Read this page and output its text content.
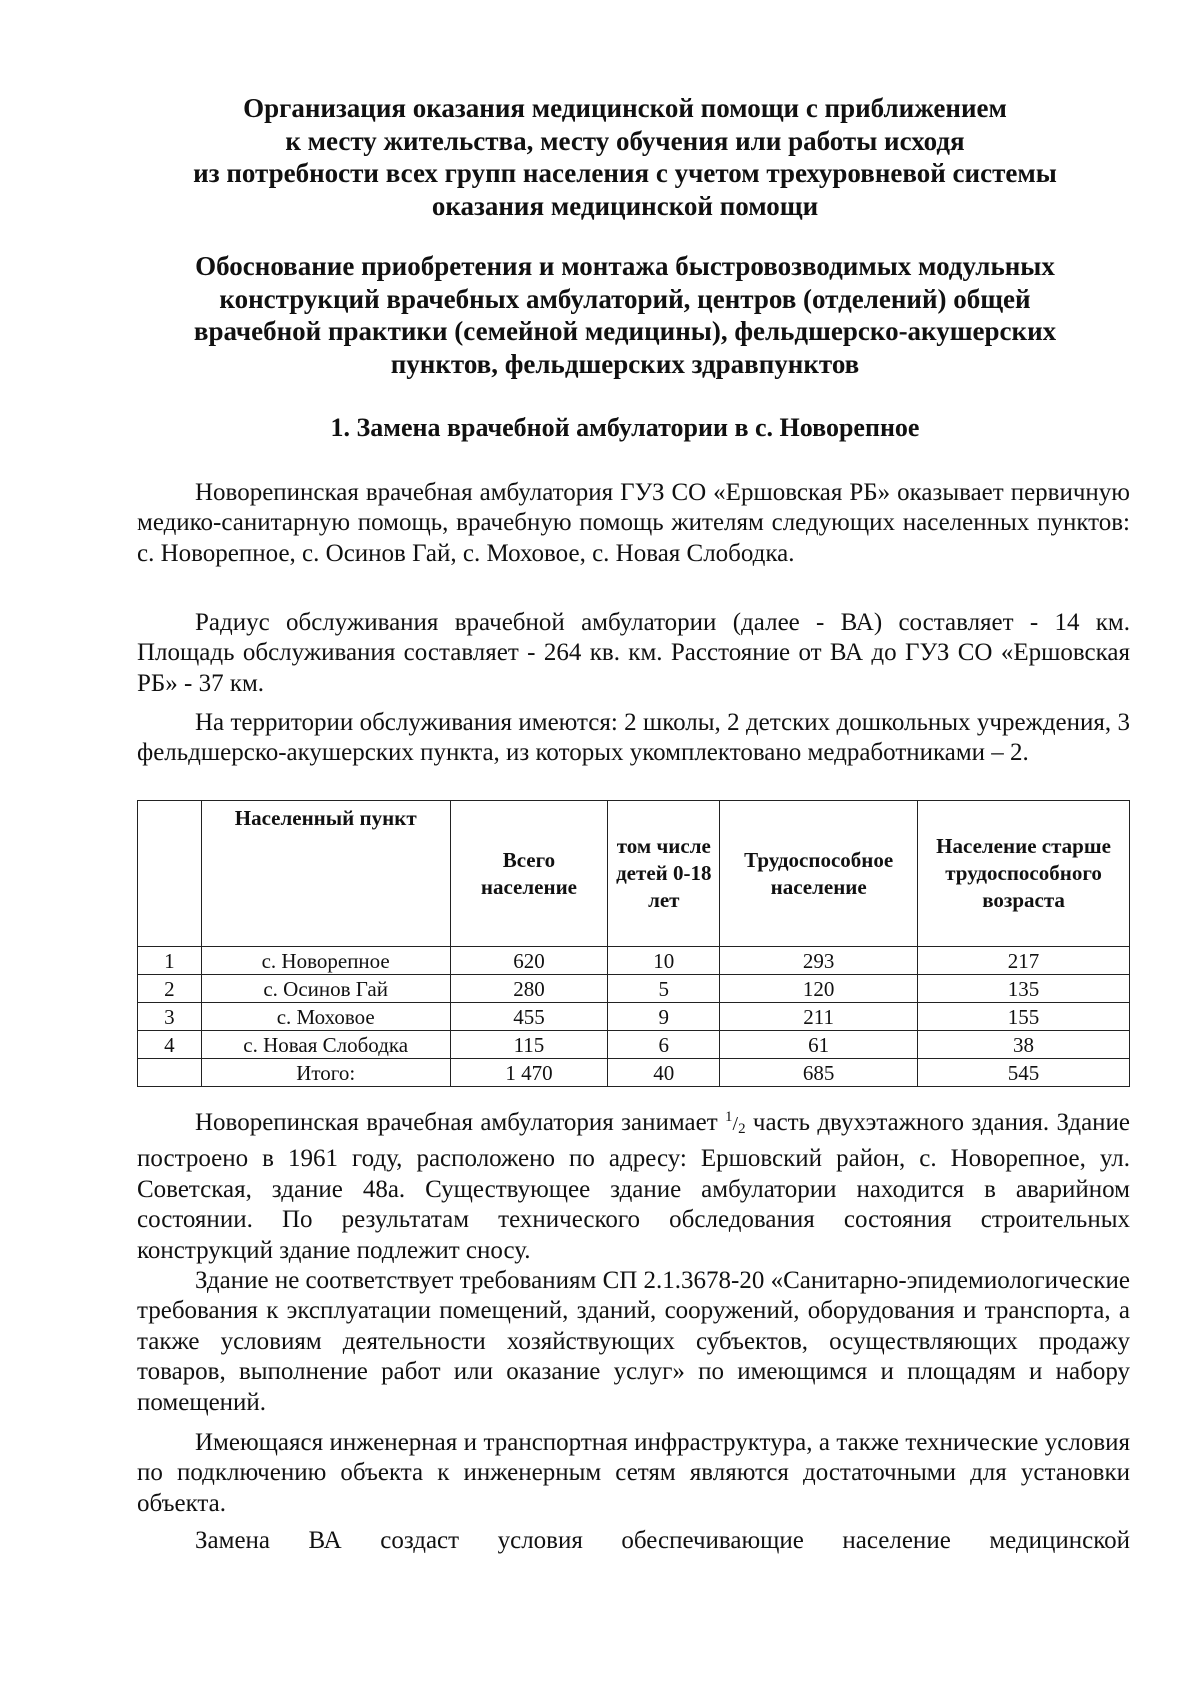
Организация оказания медицинской помощи с приближением
к месту жительства, месту обучения или работы исходя
из потребности всех групп населения с учетом трехуровневой системы
оказания медицинской помощи
Обоснование приобретения и монтажа быстровозводимых модульных
конструкций врачебных амбулаторий, центров (отделений) общей
врачебной практики (семейной медицины), фельдшерско-акушерских
пунктов, фельдшерских здравпунктов
1. Замена врачебной амбулатории в с. Новорепное

Новорепинская врачебная амбулатория ГУЗ СО «Ершовская РБ» оказывает первичную медико-санитарную помощь, врачебную помощь жителям следующих населенных пунктов: с. Новорепное, с. Осинов Гай, с. Моховое, с. Новая Слободка.

Радиус обслуживания врачебной амбулатории (далее - ВА) составляет - 14 км. Площадь обслуживания составляет - 264 кв. км. Расстояние от ВА до ГУЗ СО «Ершовская РБ» - 37 км.

На территории обслуживания имеются: 2 школы, 2 детских дошкольных учреждения, 3 фельдшерско-акушерских пункта, из которых укомплектовано медработниками – 2.

	Населенный пункт	Всего население	том числе детей 0-18 лет	Трудоспособное население	Население старше трудоспособного возраста
1	с. Новорепное	620	10	293	217
2	с. Осинов Гай	280	5	120	135
3	с. Моховое	455	9	211	155
4	с. Новая Слободка	115	6	61	38
	Итого:	1 470	40	685	545

Новорепинская врачебная амбулатория занимает $^1/_2$ часть двухэтажного здания. Здание построено в 1961 году, расположено по адресу: Ершовский район, с. Новорепное, ул. Советская, здание 48а. Существующее здание амбулатории находится в аварийном состоянии. По результатам технического обследования состояния строительных конструкций здание подлежит сносу.

Здание не соответствует требованиям СП 2.1.3678-20 «Санитарно-эпидемиологические требования к эксплуатации помещений, зданий, сооружений, оборудования и транспорта, а также условиям деятельности хозяйствующих субъектов, осуществляющих продажу товаров, выполнение работ или оказание услуг» по имеющимся и площадям и набору помещений.

Имеющаяся инженерная и транспортная инфраструктура, а также технические условия по подключению объекта к инженерным сетям являются достаточными для установки объекта.

Замена ВА создаст условия обеспечивающие население медицинской
